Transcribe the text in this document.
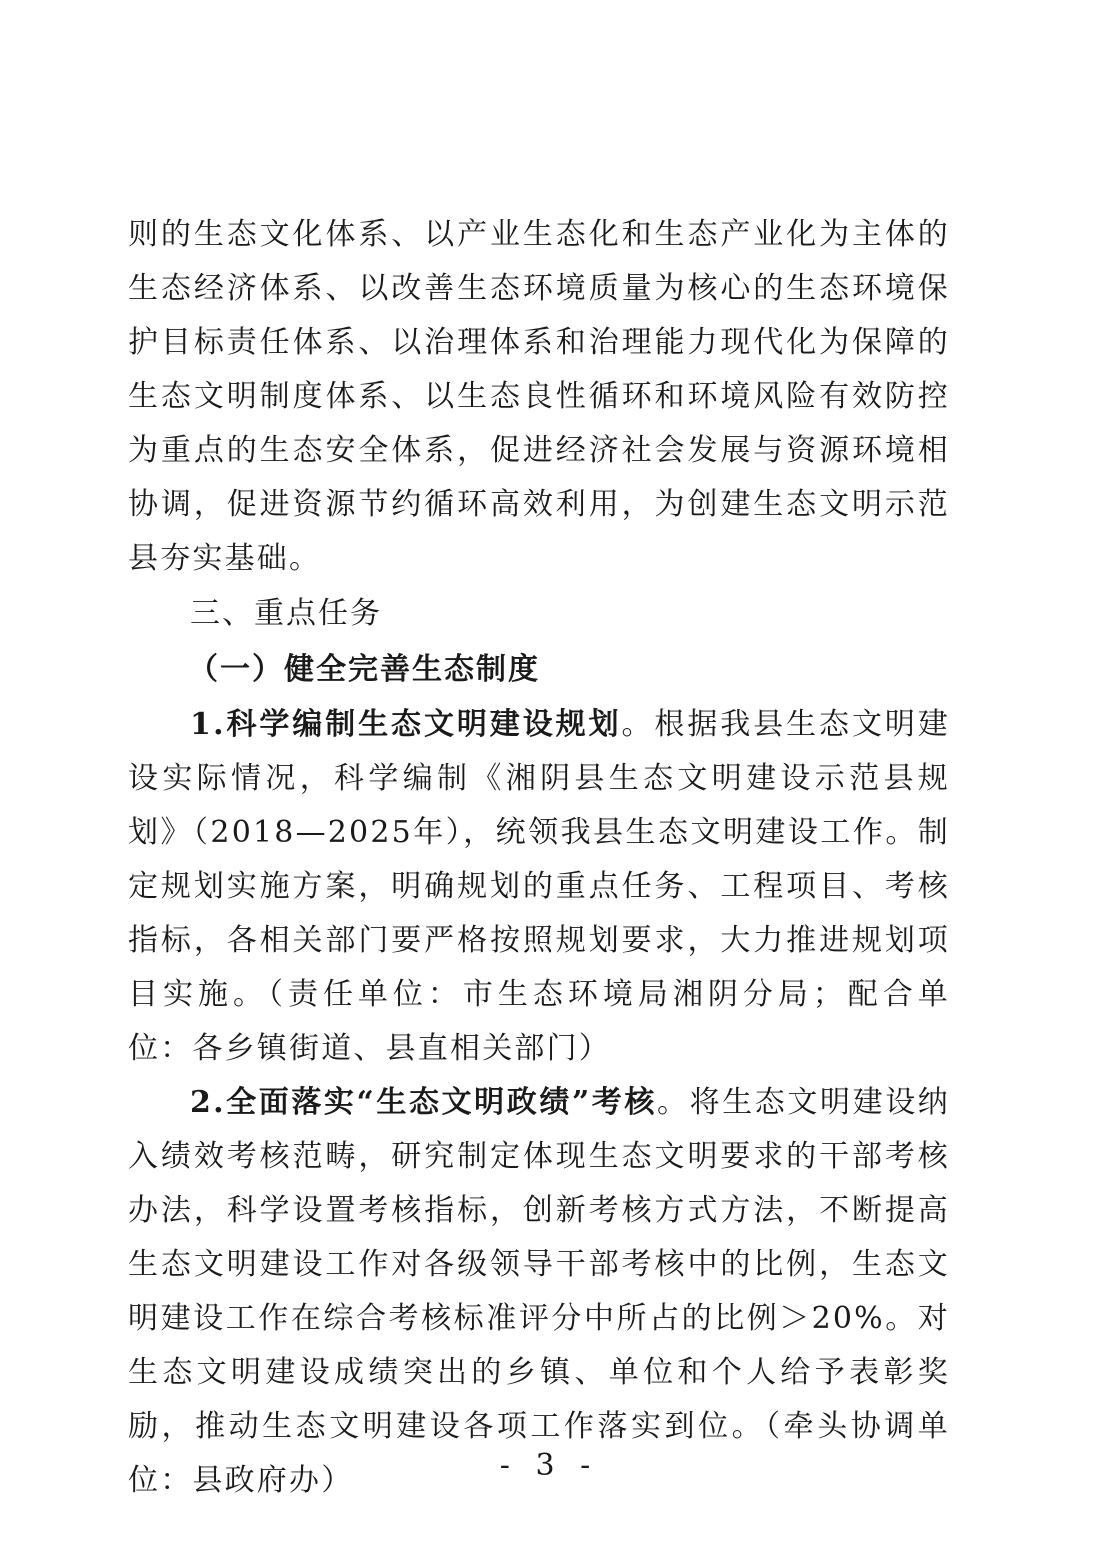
则的生态文化体系、以产业生态化和生态产业化为主体的生态经济体系、以改善生态环境质量为核心的生态环境保护目标责任体系、以治理体系和治理能力现代化为保障的生态文明制度体系、以生态良性循环和环境风险有效防控为重点的生态安全体系，促进经济社会发展与资源环境相协调，促进资源节约循环高效利用，为创建生态文明示范县夯实基础。

三、重点任务
（一）健全完善生态制度

1.科学编制生态文明建设规划。根据我县生态文明建设实际情况，科学编制《湘阴县生态文明建设示范县规划》（2018—2025年），统领我县生态文明建设工作。制定规划实施方案，明确规划的重点任务、工程项目、考核指标，各相关部门要严格按照规划要求，大力推进规划项目实施。（责任单位：市生态环境局湘阴分局；配合单位：各乡镇街道、县直相关部门）

2.全面落实“生态文明政绩”考核。将生态文明建设纳入绩效考核范畴，研究制定体现生态文明要求的干部考核办法，科学设置考核指标，创新考核方式方法，不断提高生态文明建设工作对各级领导干部考核中的比例，生态文明建设工作在综合考核标准评分中所占的比例＞20%。对生态文明建设成绩突出的乡镇、单位和个人给予表彰奖励，推动生态文明建设各项工作落实到位。（牵头协调单位：县政府办）	- 3 -
